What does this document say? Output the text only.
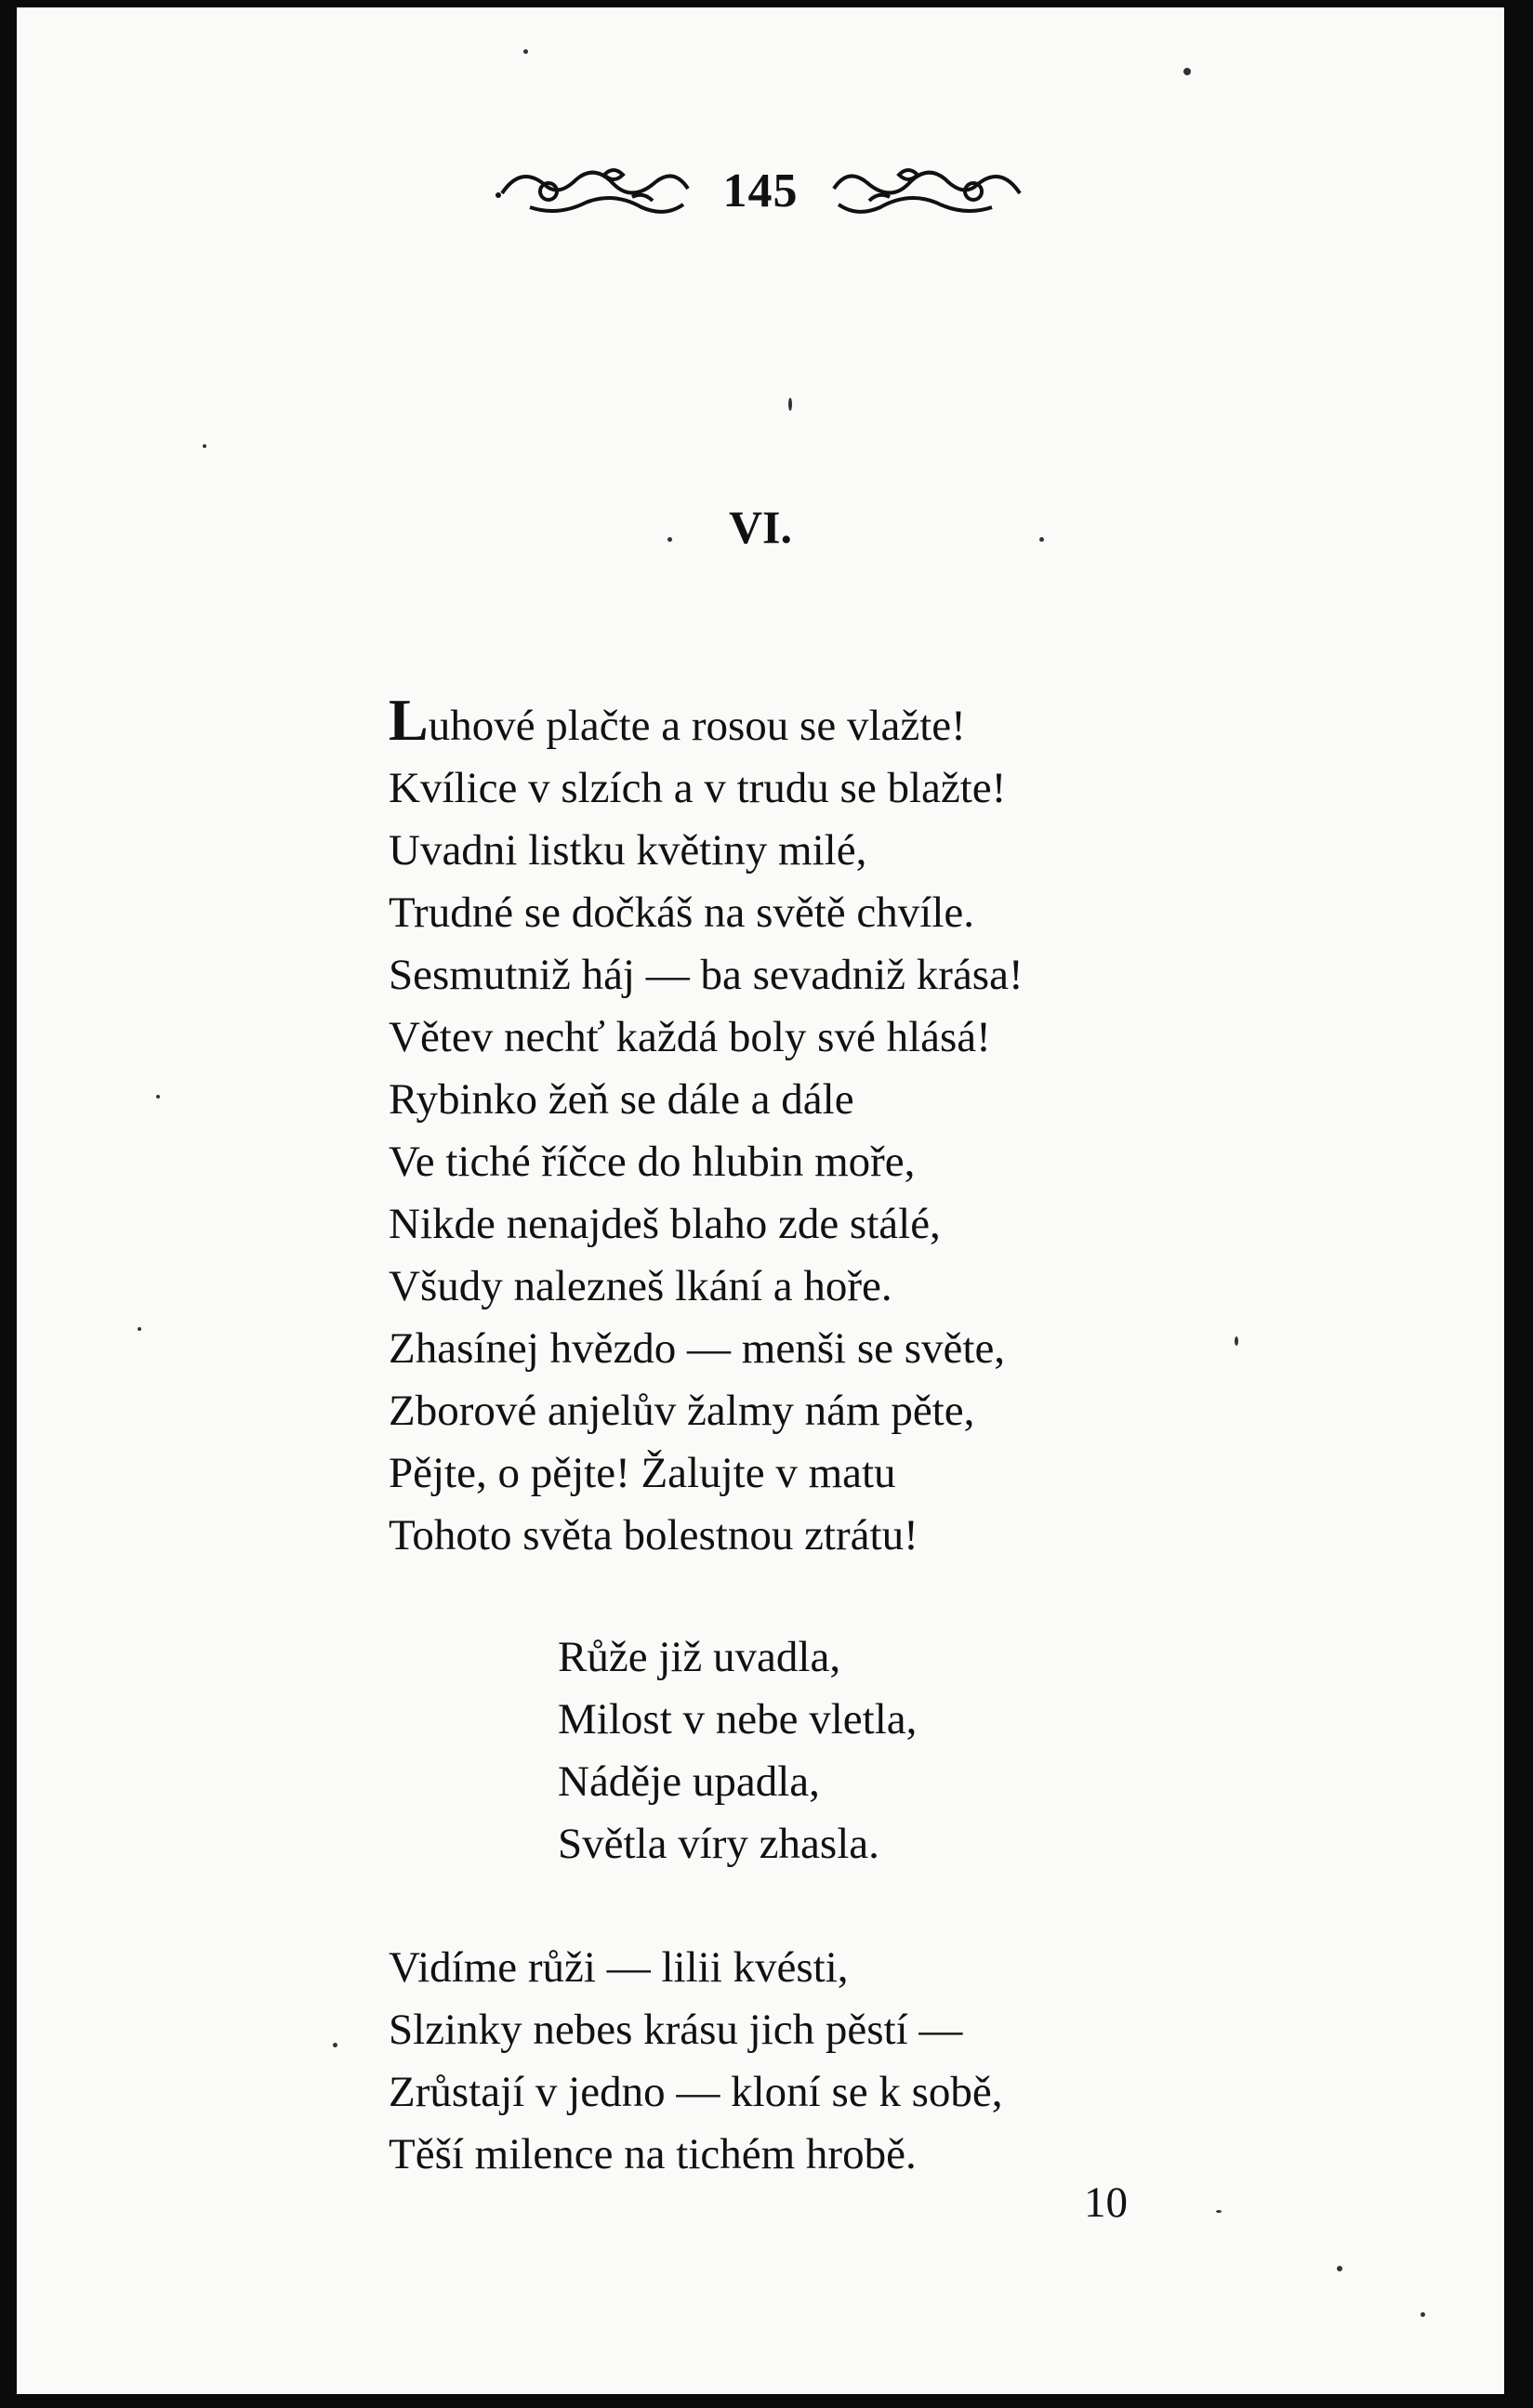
145
VI.
Luhové plačte a rosou se vlažte!
Kvílice v slzích a v trudu se blažte!
Uvadni listku květiny milé,
Trudné se dočkáš na světě chvíle.
Sesmutniž háj — ba sevadniž krása!
Větev nechť každá boly své hlásá!
Rybinko žeň se dále a dále
Ve tiché říčce do hlubin moře,
Nikde nenajdeš blaho zde stálé,
Všudy nalezneš lkání a hoře.
Zhasínej hvězdo — menši se světe,
Zborové anjelův žalmy nám pěte,
Pějte, o pějte! Žalujte v matu
Tohoto světa bolestnou ztrátu!
Růže již uvadla,
Milost v nebe vletla,
Náděje upadla,
Světla víry zhasla.
Vidíme růži — lilii kvésti,
Slzinky nebes krásu jich pěstí —
Zrůstají v jedno — kloní se k sobě,
Těší milence na tichém hrobě.
10
